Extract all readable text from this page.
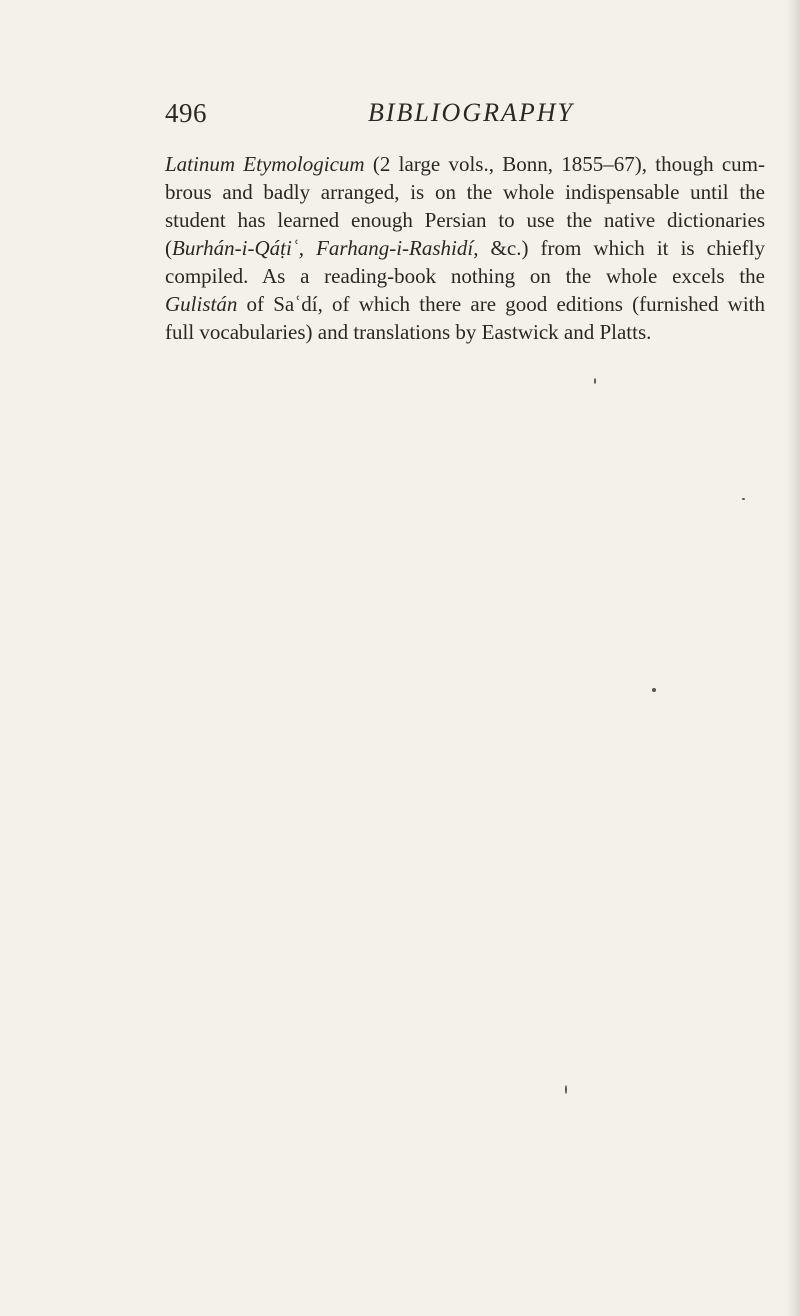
496	BIBLIOGRAPHY
Latinum Etymologicum (2 large vols., Bonn, 1855–67), though cum-
brous and badly arranged, is on the whole indispensable until the
student has learned enough Persian to use the native dictionaries
(Burhán-i-Qáṭiʿ, Farhang-i-Rashidí, &c.) from which it is chiefly
compiled. As a reading-book nothing on the whole excels the
Gulistán of Saʿdí, of which there are good editions (furnished with
full vocabularies) and translations by Eastwick and Platts.
